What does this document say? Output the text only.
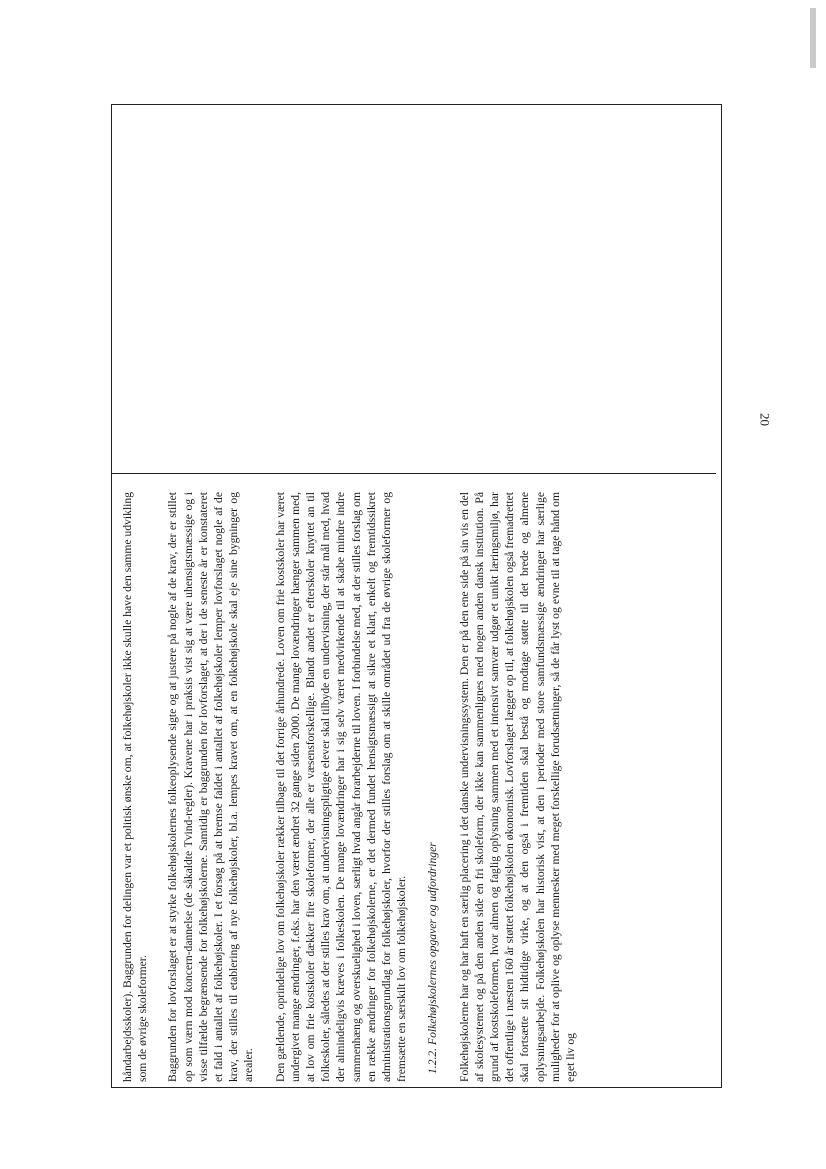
håndarbejdsskoler). Baggrunden for delingen var et politisk ønske om, at folkehøjskoler ikke skulle have den samme udvikling som de øvrige skoleformer. Baggrunden for lovforslaget er at styrke folkehøjskolernes folkeoplysende sigte og at justere på nogle af de krav, der er stillet op som værn mod koncern-dannelse (de såkaldte Tvind-regler). Kravene har i praksis vist sig at være uhensigtsmæssige og i visse tilfælde begrænsende for folkehøjskolerne. Samtidig er baggrunden for lovforslaget, at der i de seneste år er konstateret et fald i antallet af folkehøjskoler. I et forsøg på at bremse faldet i antallet af folkehøjskoler lemper lovforslaget nogle af de krav, der stilles til etablering af nye folkehøjskoler, bl.a. lempes kravet om, at en folkehøjskole skal eje sine bygninger og arealer. Den gældende, oprindelige lov om folkehøjskoler rækker tilbage til det forrige århundrede. Loven om frie kostskoler har været undergivet mange ændringer, f.eks. har den været ændret 32 gange siden 2000. De mange lovændringer hænger sammen med, at lov om frie kostskoler dækker fire skoleformer, der alle er væsensforskellige. Blandt andet er efterskoler knyttet an til folkeskoler, således at der stilles krav om, at undervisningspligtige elever skal tilbyde en undervisning, der står mål med, hvad der almindeligvis kræves i folkeskolen. De mange lovændringer har i sig selv været medvirkende til at skabe mindre indre sammenhæng og overskuelighed i loven, særligt hvad angår forarbejderne til loven. I forbindelse med, at der stilles forslag om en række ændringer for folkehøjskolerne, er det dermed fundet hensigtsmæssigt at sikre et klart, enkelt og fremtidssikret administrationsgrundlag for folkehøjskoler, hvorfor der stilles forslag om at skille området ud fra de øvrige skoleformer og fremsætte en særskilt lov om folkehøjskoler. 1.2.2. Folkehøjskolernes opgaver og udfordringer Folkehøjskolerne har og har haft en særlig placering i det danske undervisningssystem. Den er på den ene side på sin vis en del af skolesystemet og på den anden side en fri skoleform, der ikke kan sammenlignes med nogen anden dansk institution. På grund af kostskoleformen, hvor almen og faglig oplysning sammen med et intensivt samvær udgør et unikt læringsmiljø, har det offentlige i næsten 160 år støttet folkehøjskolen økonomisk. Lovforslaget lægger op til, at folkehøjskolen også fremadrettet skal fortsætte sit hidtidige virke, og at den også i fremtiden skal bestå og modtage støtte til det brede og almene oplysningsarbejde. Folkehøjskolen har historisk vist, at den i perioder med store samfundsmæssige ændringer har særlige muligheder for at oplive og oplyse mennesker med meget forskellige forudsætninger, så de får lyst og evne til at tage hånd om eget liv og

20
